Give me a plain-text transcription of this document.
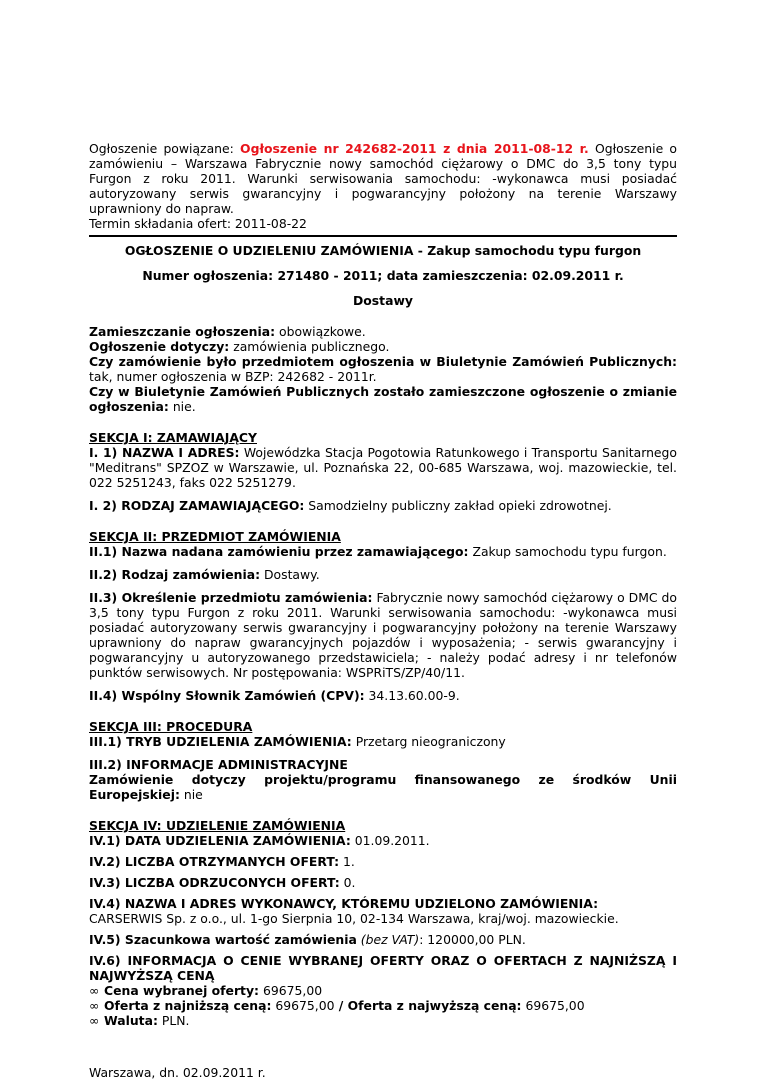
Ogłoszenie powiązane: Ogłoszenie nr 242682-2011 z dnia 2011-08-12 r. Ogłoszenie o zamówieniu – Warszawa Fabrycznie nowy samochód ciężarowy o DMC do 3,5 tony typu Furgon z roku 2011. Warunki serwisowania samochodu: -wykonawca musi posiadać autoryzowany serwis gwarancyjny i pogwarancyjny położony na terenie Warszawy uprawniony do napraw.

Termin składania ofert: 2011-08-22

OGŁOSZENIE O UDZIELENIU ZAMÓWIENIA - Zakup samochodu typu furgon

Numer ogłoszenia: 271480 - 2011; data zamieszczenia: 02.09.2011 r.

Dostawy

Zamieszczanie ogłoszenia: obowiązkowe.

Ogłoszenie dotyczy: zamówienia publicznego.

Czy zamówienie było przedmiotem ogłoszenia w Biuletynie Zamówień Publicznych: tak, numer ogłoszenia w BZP: 242682 - 2011r.

Czy w Biuletynie Zamówień Publicznych zostało zamieszczone ogłoszenie o zmianie ogłoszenia: nie.

SEKCJA I: ZAMAWIAJĄCY

I. 1) NAZWA I ADRES: Wojewódzka Stacja Pogotowia Ratunkowego i Transportu Sanitarnego "Meditrans" SPZOZ w Warszawie, ul. Poznańska 22, 00-685 Warszawa, woj. mazowieckie, tel. 022 5251243, faks 022 5251279.

I. 2) RODZAJ ZAMAWIAJĄCEGO: Samodzielny publiczny zakład opieki zdrowotnej.

SEKCJA II: PRZEDMIOT ZAMÓWIENIA

II.1) Nazwa nadana zamówieniu przez zamawiającego: Zakup samochodu typu furgon.

II.2) Rodzaj zamówienia: Dostawy.

II.3) Określenie przedmiotu zamówienia: Fabrycznie nowy samochód ciężarowy o DMC do 3,5 tony typu Furgon z roku 2011. Warunki serwisowania samochodu: -wykonawca musi posiadać autoryzowany serwis gwarancyjny i pogwarancyjny położony na terenie Warszawy uprawniony do napraw gwarancyjnych pojazdów i wyposażenia; - serwis gwarancyjny i pogwarancyjny u autoryzowanego przedstawiciela; - należy podać adresy i nr telefonów punktów serwisowych. Nr postępowania: WSPRiTS/ZP/40/11.

II.4) Wspólny Słownik Zamówień (CPV): 34.13.60.00-9.

SEKCJA III: PROCEDURA

III.1) TRYB UDZIELENIA ZAMÓWIENIA: Przetarg nieograniczony

III.2) INFORMACJE ADMINISTRACYJNE

Zamówienie dotyczy projektu/programu finansowanego ze środków Unii Europejskiej: nie

SEKCJA IV: UDZIELENIE ZAMÓWIENIA

IV.1) DATA UDZIELENIA ZAMÓWIENIA: 01.09.2011.

IV.2) LICZBA OTRZYMANYCH OFERT: 1.

IV.3) LICZBA ODRZUCONYCH OFERT: 0.

IV.4) NAZWA I ADRES WYKONAWCY, KTÓREMU UDZIELONO ZAMÓWIENIA:

CARSERWIS Sp. z o.o., ul. 1-go Sierpnia 10, 02-134 Warszawa, kraj/woj. mazowieckie.

IV.5) Szacunkowa wartość zamówienia (bez VAT): 120000,00 PLN.

IV.6) INFORMACJA O CENIE WYBRANEJ OFERTY ORAZ O OFERTACH Z NAJNIŻSZĄ I NAJWYŻSZĄ CENĄ

∞ Cena wybranej oferty: 69675,00
∞ Oferta z najniższą ceną: 69675,00 / Oferta z najwyższą ceną: 69675,00
∞ Waluta: PLN.

Warszawa, dn. 02.09.2011 r.
